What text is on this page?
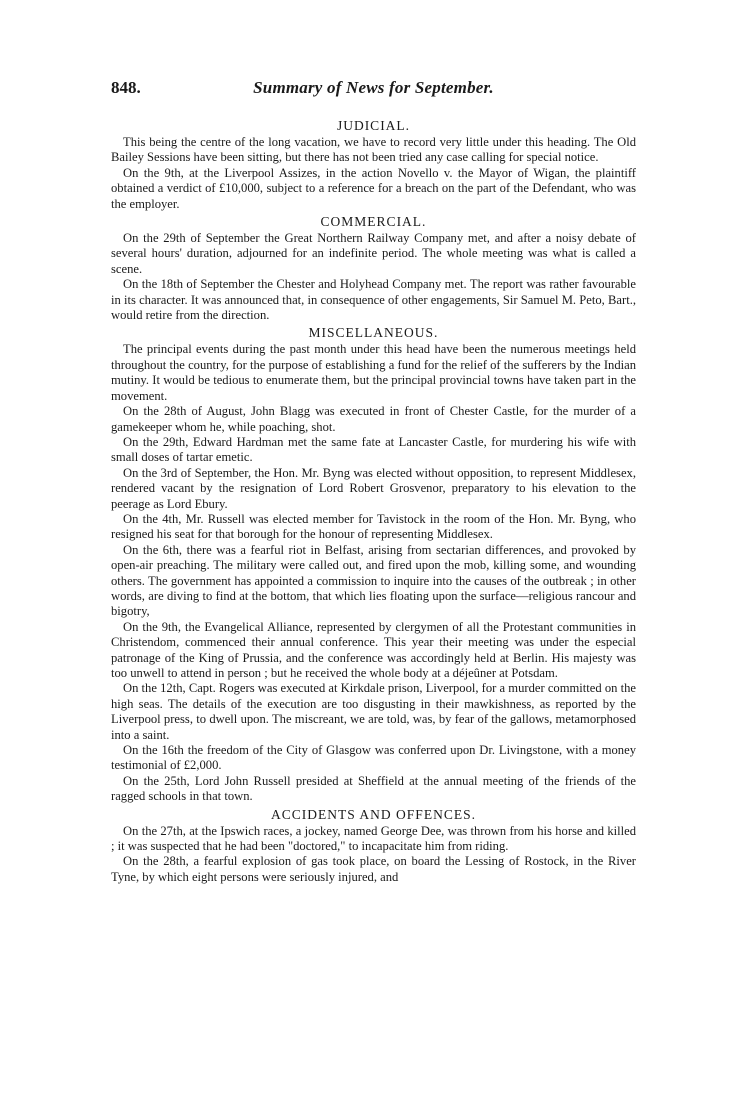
848.	Summary of News for September.
JUDICIAL.

This being the centre of the long vacation, we have to record very little under this heading. The Old Bailey Sessions have been sitting, but there has not been tried any case calling for special notice.

On the 9th, at the Liverpool Assizes, in the action Novello v. the Mayor of Wigan, the plaintiff obtained a verdict of £10,000, subject to a reference for a breach on the part of the Defendant, who was the employer.

COMMERCIAL.

On the 29th of September the Great Northern Railway Company met, and after a noisy debate of several hours' duration, adjourned for an indefinite period. The whole meeting was what is called a scene.

On the 18th of September the Chester and Holyhead Company met. The report was rather favourable in its character. It was announced that, in consequence of other engagements, Sir Samuel M. Peto, Bart., would retire from the direction.

MISCELLANEOUS.

The principal events during the past month under this head have been the numerous meetings held throughout the country, for the purpose of establishing a fund for the relief of the sufferers by the Indian mutiny. It would be tedious to enumerate them, but the principal provincial towns have taken part in the movement.

On the 28th of August, John Blagg was executed in front of Chester Castle, for the murder of a gamekeeper whom he, while poaching, shot.

On the 29th, Edward Hardman met the same fate at Lancaster Castle, for murdering his wife with small doses of tartar emetic.

On the 3rd of September, the Hon. Mr. Byng was elected without opposition, to represent Middlesex, rendered vacant by the resignation of Lord Robert Grosvenor, preparatory to his elevation to the peerage as Lord Ebury.

On the 4th, Mr. Russell was elected member for Tavistock in the room of the Hon. Mr. Byng, who resigned his seat for that borough for the honour of representing Middlesex.

On the 6th, there was a fearful riot in Belfast, arising from sectarian differences, and provoked by open-air preaching. The military were called out, and fired upon the mob, killing some, and wounding others. The government has appointed a commission to inquire into the causes of the outbreak ; in other words, are diving to find at the bottom, that which lies floating upon the surface—religious rancour and bigotry,

On the 9th, the Evangelical Alliance, represented by clergymen of all the Protestant communities in Christendom, commenced their annual conference. This year their meeting was under the especial patronage of the King of Prussia, and the conference was accordingly held at Berlin. His majesty was too unwell to attend in person ; but he received the whole body at a déjeûner at Potsdam.

On the 12th, Capt. Rogers was executed at Kirkdale prison, Liverpool, for a murder committed on the high seas. The details of the execution are too disgusting in their mawkishness, as reported by the Liverpool press, to dwell upon. The miscreant, we are told, was, by fear of the gallows, metamorphosed into a saint.

On the 16th the freedom of the City of Glasgow was conferred upon Dr. Livingstone, with a money testimonial of £2,000.

On the 25th, Lord John Russell presided at Sheffield at the annual meeting of the friends of the ragged schools in that town.

ACCIDENTS AND OFFENCES.

On the 27th, at the Ipswich races, a jockey, named George Dee, was thrown from his horse and killed ; it was suspected that he had been "doctored," to incapacitate him from riding.

On the 28th, a fearful explosion of gas took place, on board the Lessing of Rostock, in the River Tyne, by which eight persons were seriously injured, and
